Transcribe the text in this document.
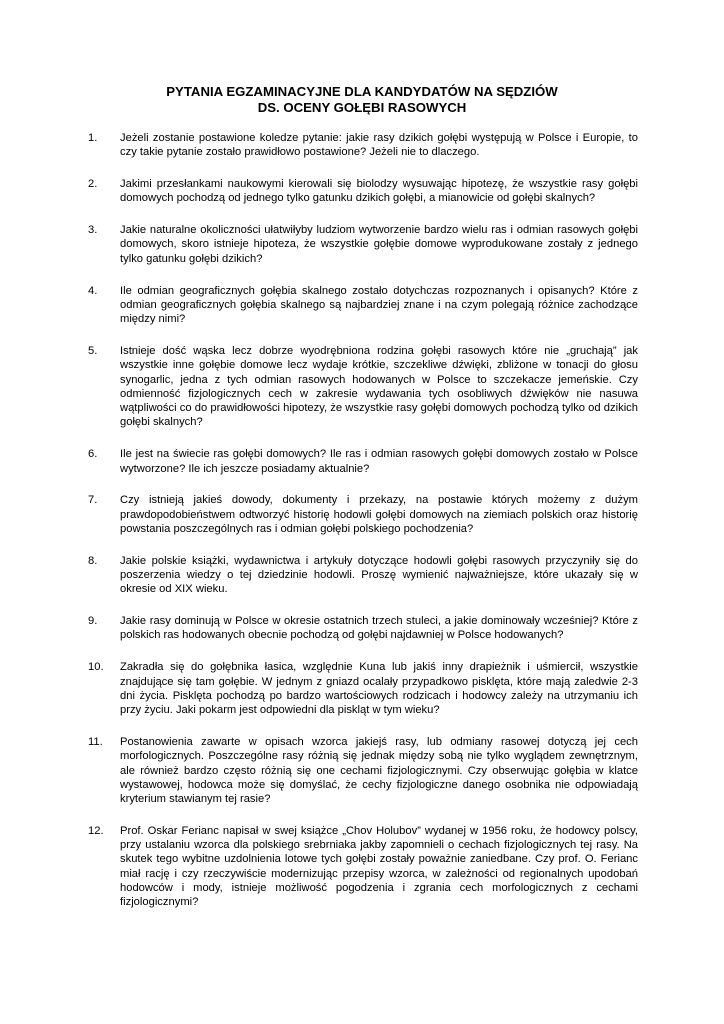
PYTANIA EGZAMINACYJNE DLA KANDYDATÓW NA SĘDZIÓW
DS. OCENY GOŁĘBI RASOWYCH
1.	Jeżeli zostanie postawione koledze pytanie: jakie rasy dzikich gołębi występują w Polsce i Europie, to czy takie pytanie zostało prawidłowo postawione? Jeżeli nie to dlaczego.
2.	Jakimi przesłankami naukowymi kierowali się biolodzy wysuwając hipotezę, że wszystkie rasy gołębi domowych pochodzą od jednego tylko gatunku dzikich gołębi, a mianowicie od gołębi skalnych?
3.	Jakie naturalne okoliczności ułatwiłyby ludziom wytworzenie bardzo wielu ras i odmian rasowych gołębi domowych, skoro istnieje hipoteza, że wszystkie gołębie domowe wyprodukowane zostały z jednego tylko gatunku gołębi dzikich?
4.	Ile odmian geograficznych gołębia skalnego zostało dotychczas rozpoznanych i opisanych? Które z odmian geograficznych gołębia skalnego są najbardziej znane i na czym polegają różnice zachodzące między nimi?
5.	Istnieje dość wąska lecz dobrze wyodrębniona rodzina gołębi rasowych które nie „gruchają” jak wszystkie inne gołębie domowe lecz wydaje krótkie, szczekliwe dźwięki, zbliżone w tonacji do głosu synogarlic, jedna z tych odmian rasowych hodowanych w Polsce to szczekacze jemeńskie. Czy odmienność fizjologicznych cech w zakresie wydawania tych osobliwych dźwięków nie nasuwa wątpliwości co do prawidłowości hipotezy, że wszystkie rasy gołębi domowych pochodzą tylko od dzikich gołębi skalnych?
6.	Ile jest na świecie ras gołębi domowych? Ile ras i odmian rasowych gołębi domowych zostało w Polsce wytworzone? Ile ich jeszcze posiadamy aktualnie?
7.	Czy istnieją jakieś dowody, dokumenty i przekazy, na postawie których możemy z dużym prawdopodobieństwem odtworzyć historię hodowli gołębi domowych na ziemiach polskich oraz historię powstania poszczególnych ras i odmian gołębi polskiego pochodzenia?
8.	Jakie polskie książki, wydawnictwa i artykuły dotyczące hodowli gołębi rasowych przyczyniły się do poszerzenia wiedzy o tej dziedzinie hodowli. Proszę wymienić najważniejsze, które ukazały się w okresie od XIX wieku.
9.	Jakie rasy dominują w Polsce w okresie ostatnich trzech stuleci, a jakie dominowały wcześniej? Które z polskich ras hodowanych obecnie pochodzą od gołębi najdawniej w Polsce hodowanych?
10.	Zakradła się do gołębnika łasica, względnie Kuna lub jakiś inny drapieżnik i uśmiercił, wszystkie znajdujące się tam gołębie. W jednym z gniazd ocalały przypadkowo pisklęta, które mają zaledwie 2-3 dni życia. Pisklęta pochodzą po bardzo wartościowych rodzicach i hodowcy zależy na utrzymaniu ich przy życiu. Jaki pokarm jest odpowiedni dla piskląt w tym wieku?
11.	Postanowienia zawarte w opisach wzorca jakiejś rasy, lub odmiany rasowej dotyczą jej cech morfologicznych. Poszczególne rasy różnią się jednak między sobą nie tylko wyglądem zewnętrznym, ale również bardzo często różnią się one cechami fizjologicznymi. Czy obserwując gołębia w klatce wystawowej, hodowca może się domyślać, że cechy fizjologiczne danego osobnika nie odpowiadają kryterium stawianym tej rasie?
12.	Prof. Oskar Ferianc napisał w swej książce „Chov Holubov” wydanej w 1956 roku, że hodowcy polscy, przy ustalaniu wzorca dla polskiego srebrniaka jakby zapomnieli o cechach fizjologicznych tej rasy. Na skutek tego wybitne uzdolnienia lotowe tych gołębi zostały poważnie zaniedbane. Czy prof. O. Ferianc miał rację i czy rzeczywiście modernizując przepisy wzorca, w zależności od regionalnych upodobań hodowców i mody, istnieje możliwość pogodzenia i zgrania cech morfologicznych z cechami fizjologicznymi?
